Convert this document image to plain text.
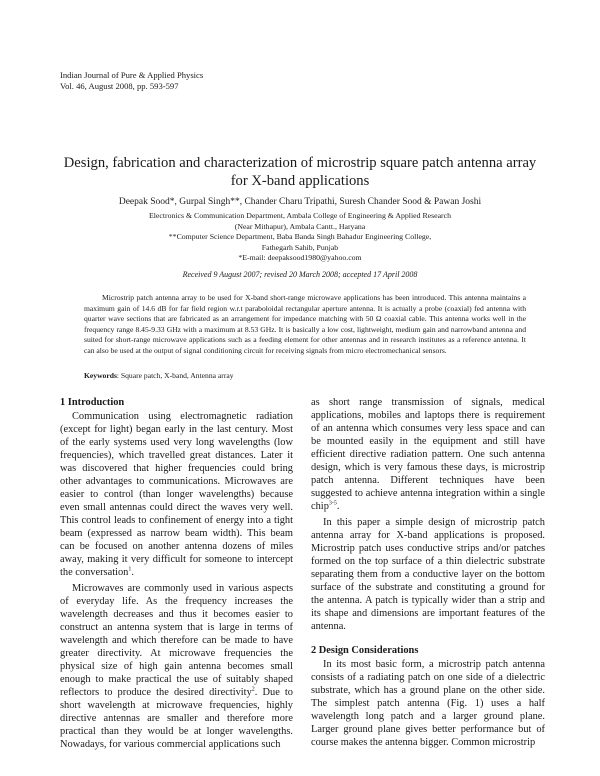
Indian Journal of Pure & Applied Physics
Vol. 46, August 2008, pp. 593-597
Design, fabrication and characterization of microstrip square patch antenna array
for X-band applications
Deepak Sood*, Gurpal Singh**, Chander Charu Tripathi, Suresh Chander Sood & Pawan Joshi
Electronics & Communication Department, Ambala College of Engineering & Applied Research
(Near Mithapur), Ambala Cantt., Haryana
**Computer Science Department, Baba Banda Singh Bahadur Engineering College,
Fathegarh Sahib, Punjab
*E-mail: deepaksood1980@yahoo.com
Received 9 August 2007; revised 20 March 2008; accepted 17 April 2008
Microstrip patch antenna array to be used for X-band short-range microwave applications has been introduced. This antenna maintains a maximum gain of 14.6 dB for far field region w.r.t paraboloidal rectangular aperture antenna. It is actually a probe (coaxial) fed antenna with quarter wave sections that are fabricated as an arrangement for impedance matching with 50 Ω coaxial cable. This antenna works well in the frequency range 8.45-9.33 GHz with a maximum at 8.53 GHz. It is basically a low cost, lightweight, medium gain and narrowband antenna and suited for short-range microwave applications such as a feeding element for other antennas and in research institutes as a reference antenna. It can also be used at the output of signal conditioning circuit for receiving signals from micro electromechanical sensors.
Keywords: Square patch, X-band, Antenna array
1 Introduction

Communication using electromagnetic radiation (except for light) began early in the last century. Most of the early systems used very long wavelengths (low frequencies), which travelled great distances. Later it was discovered that higher frequencies could bring other advantages to communications. Microwaves are easier to control (than longer wavelengths) because even small antennas could direct the waves very well. This control leads to confinement of energy into a tight beam (expressed as narrow beam width). This beam can be focused on another antenna dozens of miles away, making it very difficult for someone to intercept the conversation$^1$.

Microwaves are commonly used in various aspects of everyday life. As the frequency increases the wavelength decreases and thus it becomes easier to construct an antenna system that is large in terms of wavelength and which therefore can be made to have greater directivity. At microwave frequencies the physical size of high gain antenna becomes small enough to make practical the use of suitably shaped reflectors to produce the desired directivity$^2$. Due to short wavelength at microwave frequencies, highly directive antennas are smaller and therefore more practical than they would be at longer wavelengths. Nowadays, for various commercial applications such

as short range transmission of signals, medical applications, mobiles and laptops there is requirement of an antenna which consumes very less space and can be mounted easily in the equipment and still have efficient directive radiation pattern. One such antenna design, which is very famous these days, is microstrip patch antenna. Different techniques have been suggested to achieve antenna integration within a single chip$^{3-5}$.

In this paper a simple design of microstrip patch antenna array for X-band applications is proposed. Microstrip patch uses conductive strips and/or patches formed on the top surface of a thin dielectric substrate separating them from a conductive layer on the bottom surface of the substrate and constituting a ground for the antenna. A patch is typically wider than a strip and its shape and dimensions are important features of the antenna.

2 Design Considerations

In its most basic form, a microstrip patch antenna consists of a radiating patch on one side of a dielectric substrate, which has a ground plane on the other side. The simplest patch antenna (Fig. 1) uses a half wavelength long patch and a larger ground plane. Larger ground plane gives better performance but of course makes the antenna bigger. Common microstrip
